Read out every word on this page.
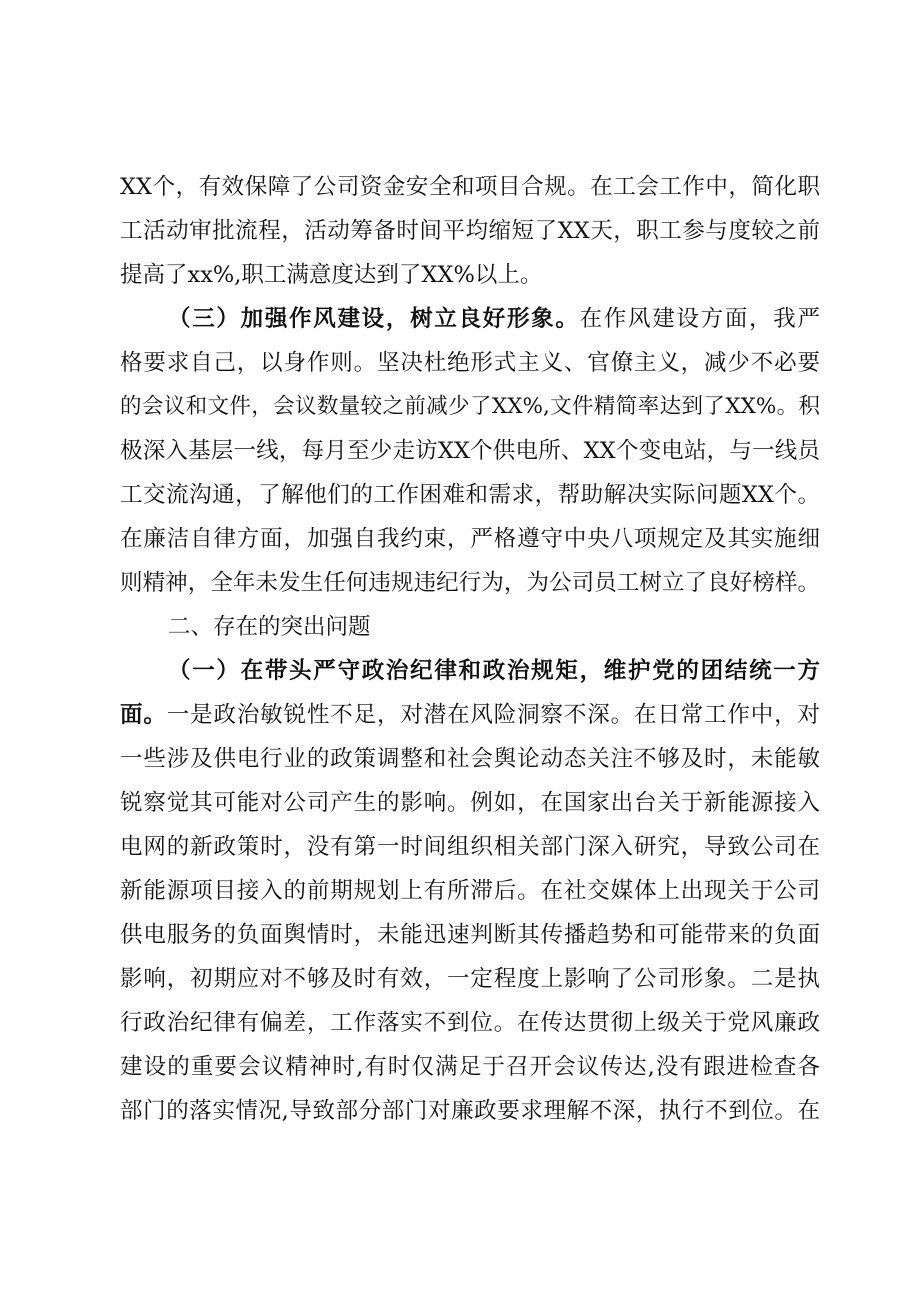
XX个，有效保障了公司资金安全和项目合规。在工会工作中，简化职
工活动审批流程，活动筹备时间平均缩短了XX天，职工参与度较之前
提高了xx%,职工满意度达到了XX%以上。
（三）加强作风建设，树立良好形象。在作风建设方面，我严
格要求自己，以身作则。坚决杜绝形式主义、官僚主义，减少不必要
的会议和文件，会议数量较之前减少了XX%,文件精简率达到了XX%。积
极深入基层一线，每月至少走访XX个供电所、XX个变电站，与一线员
工交流沟通，了解他们的工作困难和需求，帮助解决实际问题XX个。
在廉洁自律方面，加强自我约束，严格遵守中央八项规定及其实施细
则精神，全年未发生任何违规违纪行为，为公司员工树立了良好榜样。
二、存在的突出问题
（一）在带头严守政治纪律和政治规矩，维护党的团结统一方
面。一是政治敏锐性不足，对潜在风险洞察不深。在日常工作中，对
一些涉及供电行业的政策调整和社会舆论动态关注不够及时，未能敏
锐察觉其可能对公司产生的影响。例如，在国家出台关于新能源接入
电网的新政策时，没有第一时间组织相关部门深入研究，导致公司在
新能源项目接入的前期规划上有所滞后。在社交媒体上出现关于公司
供电服务的负面舆情时，未能迅速判断其传播趋势和可能带来的负面
影响，初期应对不够及时有效，一定程度上影响了公司形象。二是执
行政治纪律有偏差，工作落实不到位。在传达贯彻上级关于党风廉政
建设的重要会议精神时,有时仅满足于召开会议传达,没有跟进检查各
部门的落实情况,导致部分部门对廉政要求理解不深，执行不到位。在
